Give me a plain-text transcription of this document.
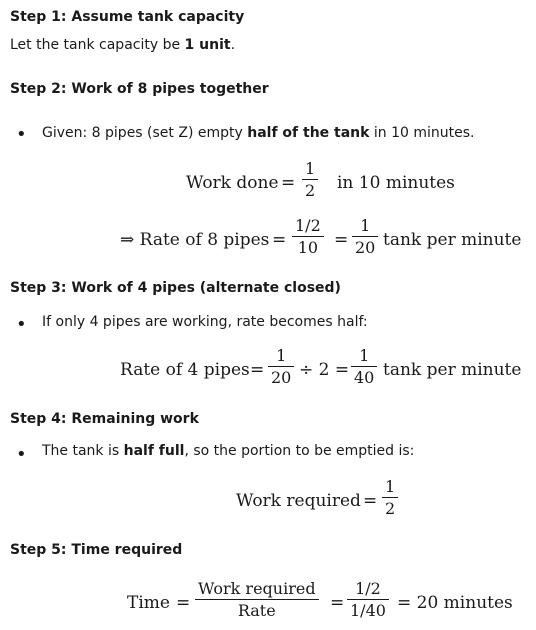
Step 1: Assume tank capacity
Let the tank capacity be 1 unit.
Step 2: Work of 8 pipes together
• Given: 8 pipes (set Z) empty half of the tank in 10 minutes.
Work done =
1
2 in 10 minutes
⇒ Rate of 8 pipes =
1/2
10 =
1
20 tank per minute
Step 3: Work of 4 pipes (alternate closed)
• If only 4 pipes are working, rate becomes half:
Rate of 4 pipes =
1
20 ÷ 2 =
1
40 tank per minute
Step 4: Remaining work
• The tank is half full, so the portion to be emptied is:
Work required =
1
2
Step 5: Time required
Time =
Work required
Rate	=
1/2
1/40 = 20 minutes
